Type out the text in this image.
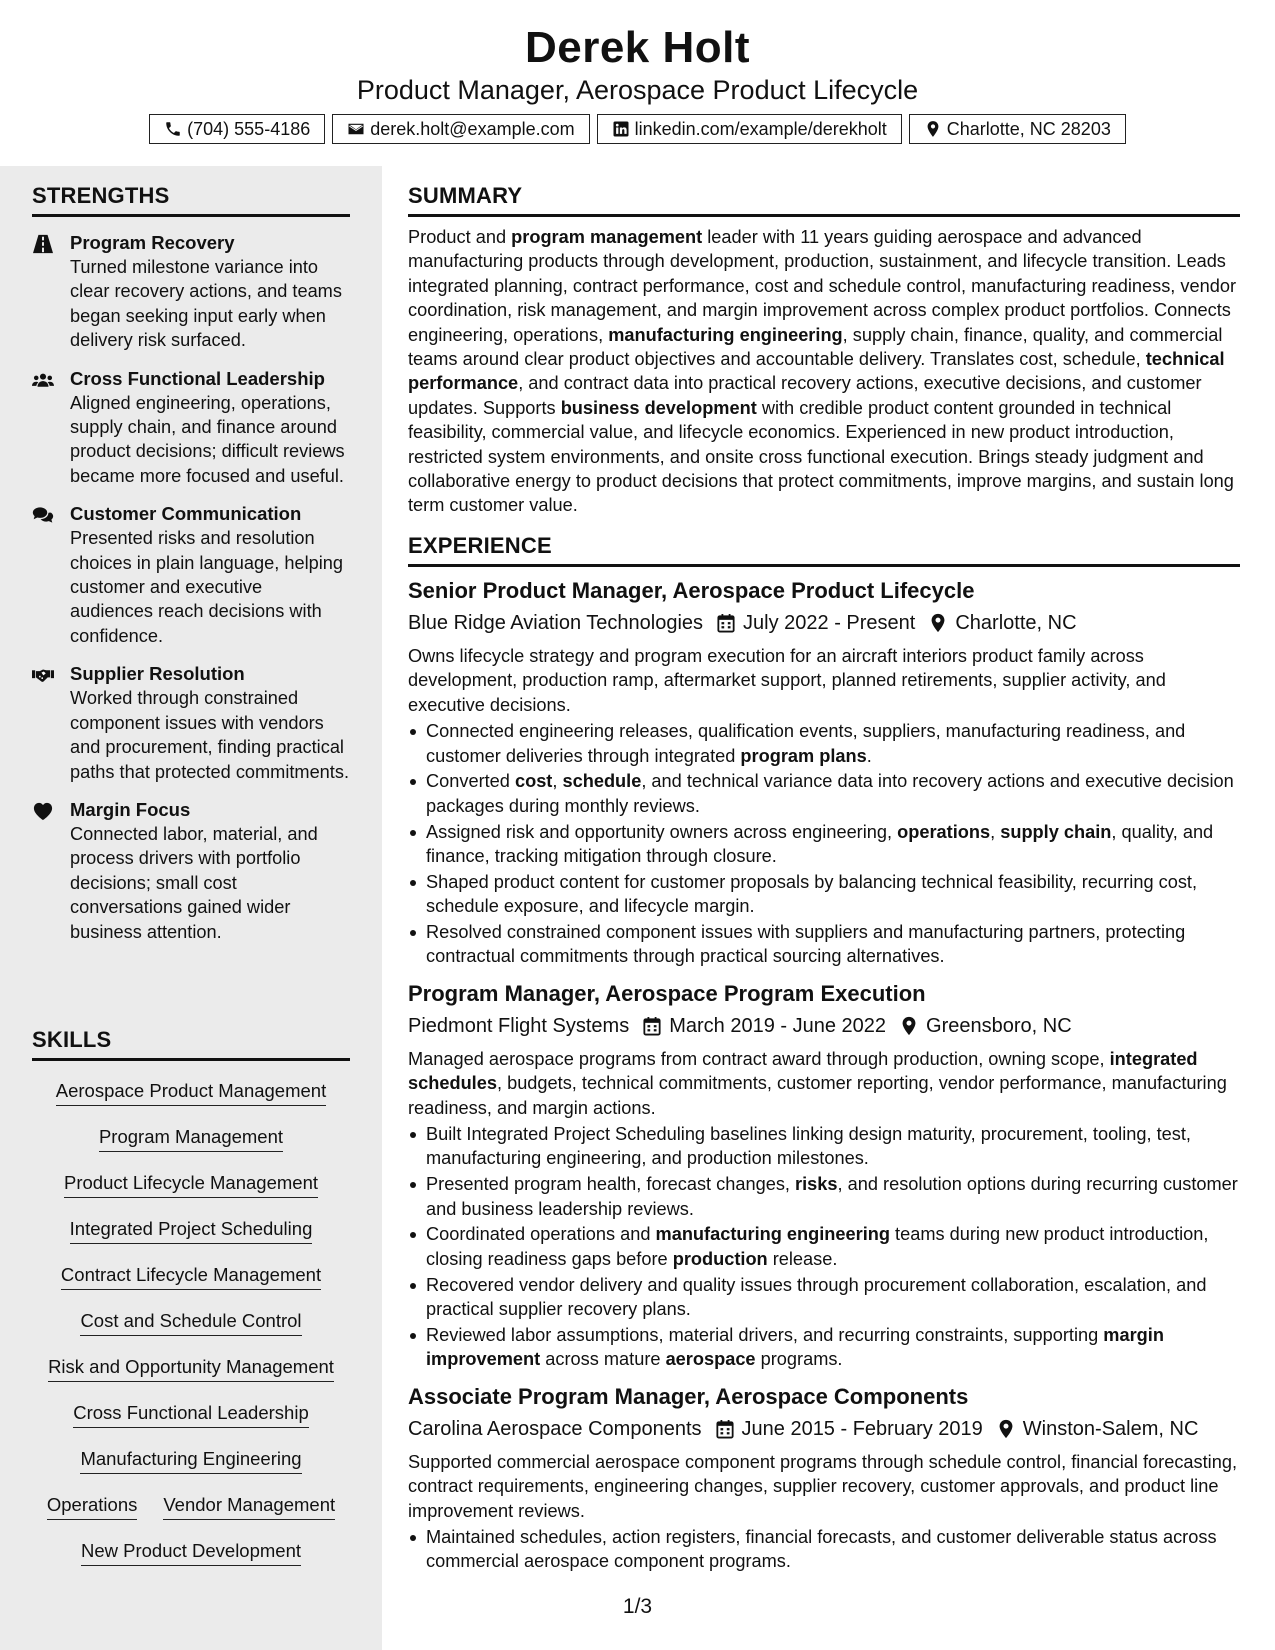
Derek Holt
Product Manager, Aerospace Product Lifecycle
(704) 555-4186	derek.holt@example.com	linkedin.com/example/derekholt	Charlotte, NC 28203
STRENGTHS
Program Recovery
Turned milestone variance into clear recovery actions, and teams began seeking input early when delivery risk surfaced.
Cross Functional Leadership
Aligned engineering, operations, supply chain, and finance around product decisions; difficult reviews became more focused and useful.
Customer Communication
Presented risks and resolution choices in plain language, helping customer and executive audiences reach decisions with confidence.
Supplier Resolution
Worked through constrained component issues with vendors and procurement, finding practical paths that protected commitments.
Margin Focus
Connected labor, material, and process drivers with portfolio decisions; small cost conversations gained wider business attention.
SKILLS
Aerospace Product Management
Program Management
Product Lifecycle Management
Integrated Project Scheduling
Contract Lifecycle Management
Cost and Schedule Control
Risk and Opportunity Management
Cross Functional Leadership
Manufacturing Engineering
Operations Vendor Management
New Product Development
SUMMARY
Product and program management leader with 11 years guiding aerospace and advanced manufacturing products through development, production, sustainment, and lifecycle transition. Leads integrated planning, contract performance, cost and schedule control, manufacturing readiness, vendor coordination, risk management, and margin improvement across complex product portfolios. Connects engineering, operations, manufacturing engineering, supply chain, finance, quality, and commercial teams around clear product objectives and accountable delivery. Translates cost, schedule, technical performance, and contract data into practical recovery actions, executive decisions, and customer updates. Supports business development with credible product content grounded in technical feasibility, commercial value, and lifecycle economics. Experienced in new product introduction, restricted system environments, and onsite cross functional execution. Brings steady judgment and collaborative energy to product decisions that protect commitments, improve margins, and sustain long term customer value.
EXPERIENCE
Senior Product Manager, Aerospace Product Lifecycle
Blue Ridge Aviation Technologies July 2022 - Present Charlotte, NC
Owns lifecycle strategy and program execution for an aircraft interiors product family across development, production ramp, aftermarket support, planned retirements, supplier activity, and executive decisions.
Connected engineering releases, qualification events, suppliers, manufacturing readiness, and customer deliveries through integrated program plans.
Converted cost, schedule, and technical variance data into recovery actions and executive decision packages during monthly reviews.
Assigned risk and opportunity owners across engineering, operations, supply chain, quality, and finance, tracking mitigation through closure.
Shaped product content for customer proposals by balancing technical feasibility, recurring cost, schedule exposure, and lifecycle margin.
Resolved constrained component issues with suppliers and manufacturing partners, protecting contractual commitments through practical sourcing alternatives.
Program Manager, Aerospace Program Execution
Piedmont Flight Systems March 2019 - June 2022 Greensboro, NC
Managed aerospace programs from contract award through production, owning scope, integrated schedules, budgets, technical commitments, customer reporting, vendor performance, manufacturing readiness, and margin actions.
Built Integrated Project Scheduling baselines linking design maturity, procurement, tooling, test, manufacturing engineering, and production milestones.
Presented program health, forecast changes, risks, and resolution options during recurring customer and business leadership reviews.
Coordinated operations and manufacturing engineering teams during new product introduction, closing readiness gaps before production release.
Recovered vendor delivery and quality issues through procurement collaboration, escalation, and practical supplier recovery plans.
Reviewed labor assumptions, material drivers, and recurring constraints, supporting margin improvement across mature aerospace programs.
Associate Program Manager, Aerospace Components
Carolina Aerospace Components June 2015 - February 2019 Winston-Salem, NC
Supported commercial aerospace component programs through schedule control, financial forecasting, contract requirements, engineering changes, supplier recovery, customer approvals, and product line improvement reviews.
Maintained schedules, action registers, financial forecasts, and customer deliverable status across commercial aerospace component programs.
1/3
